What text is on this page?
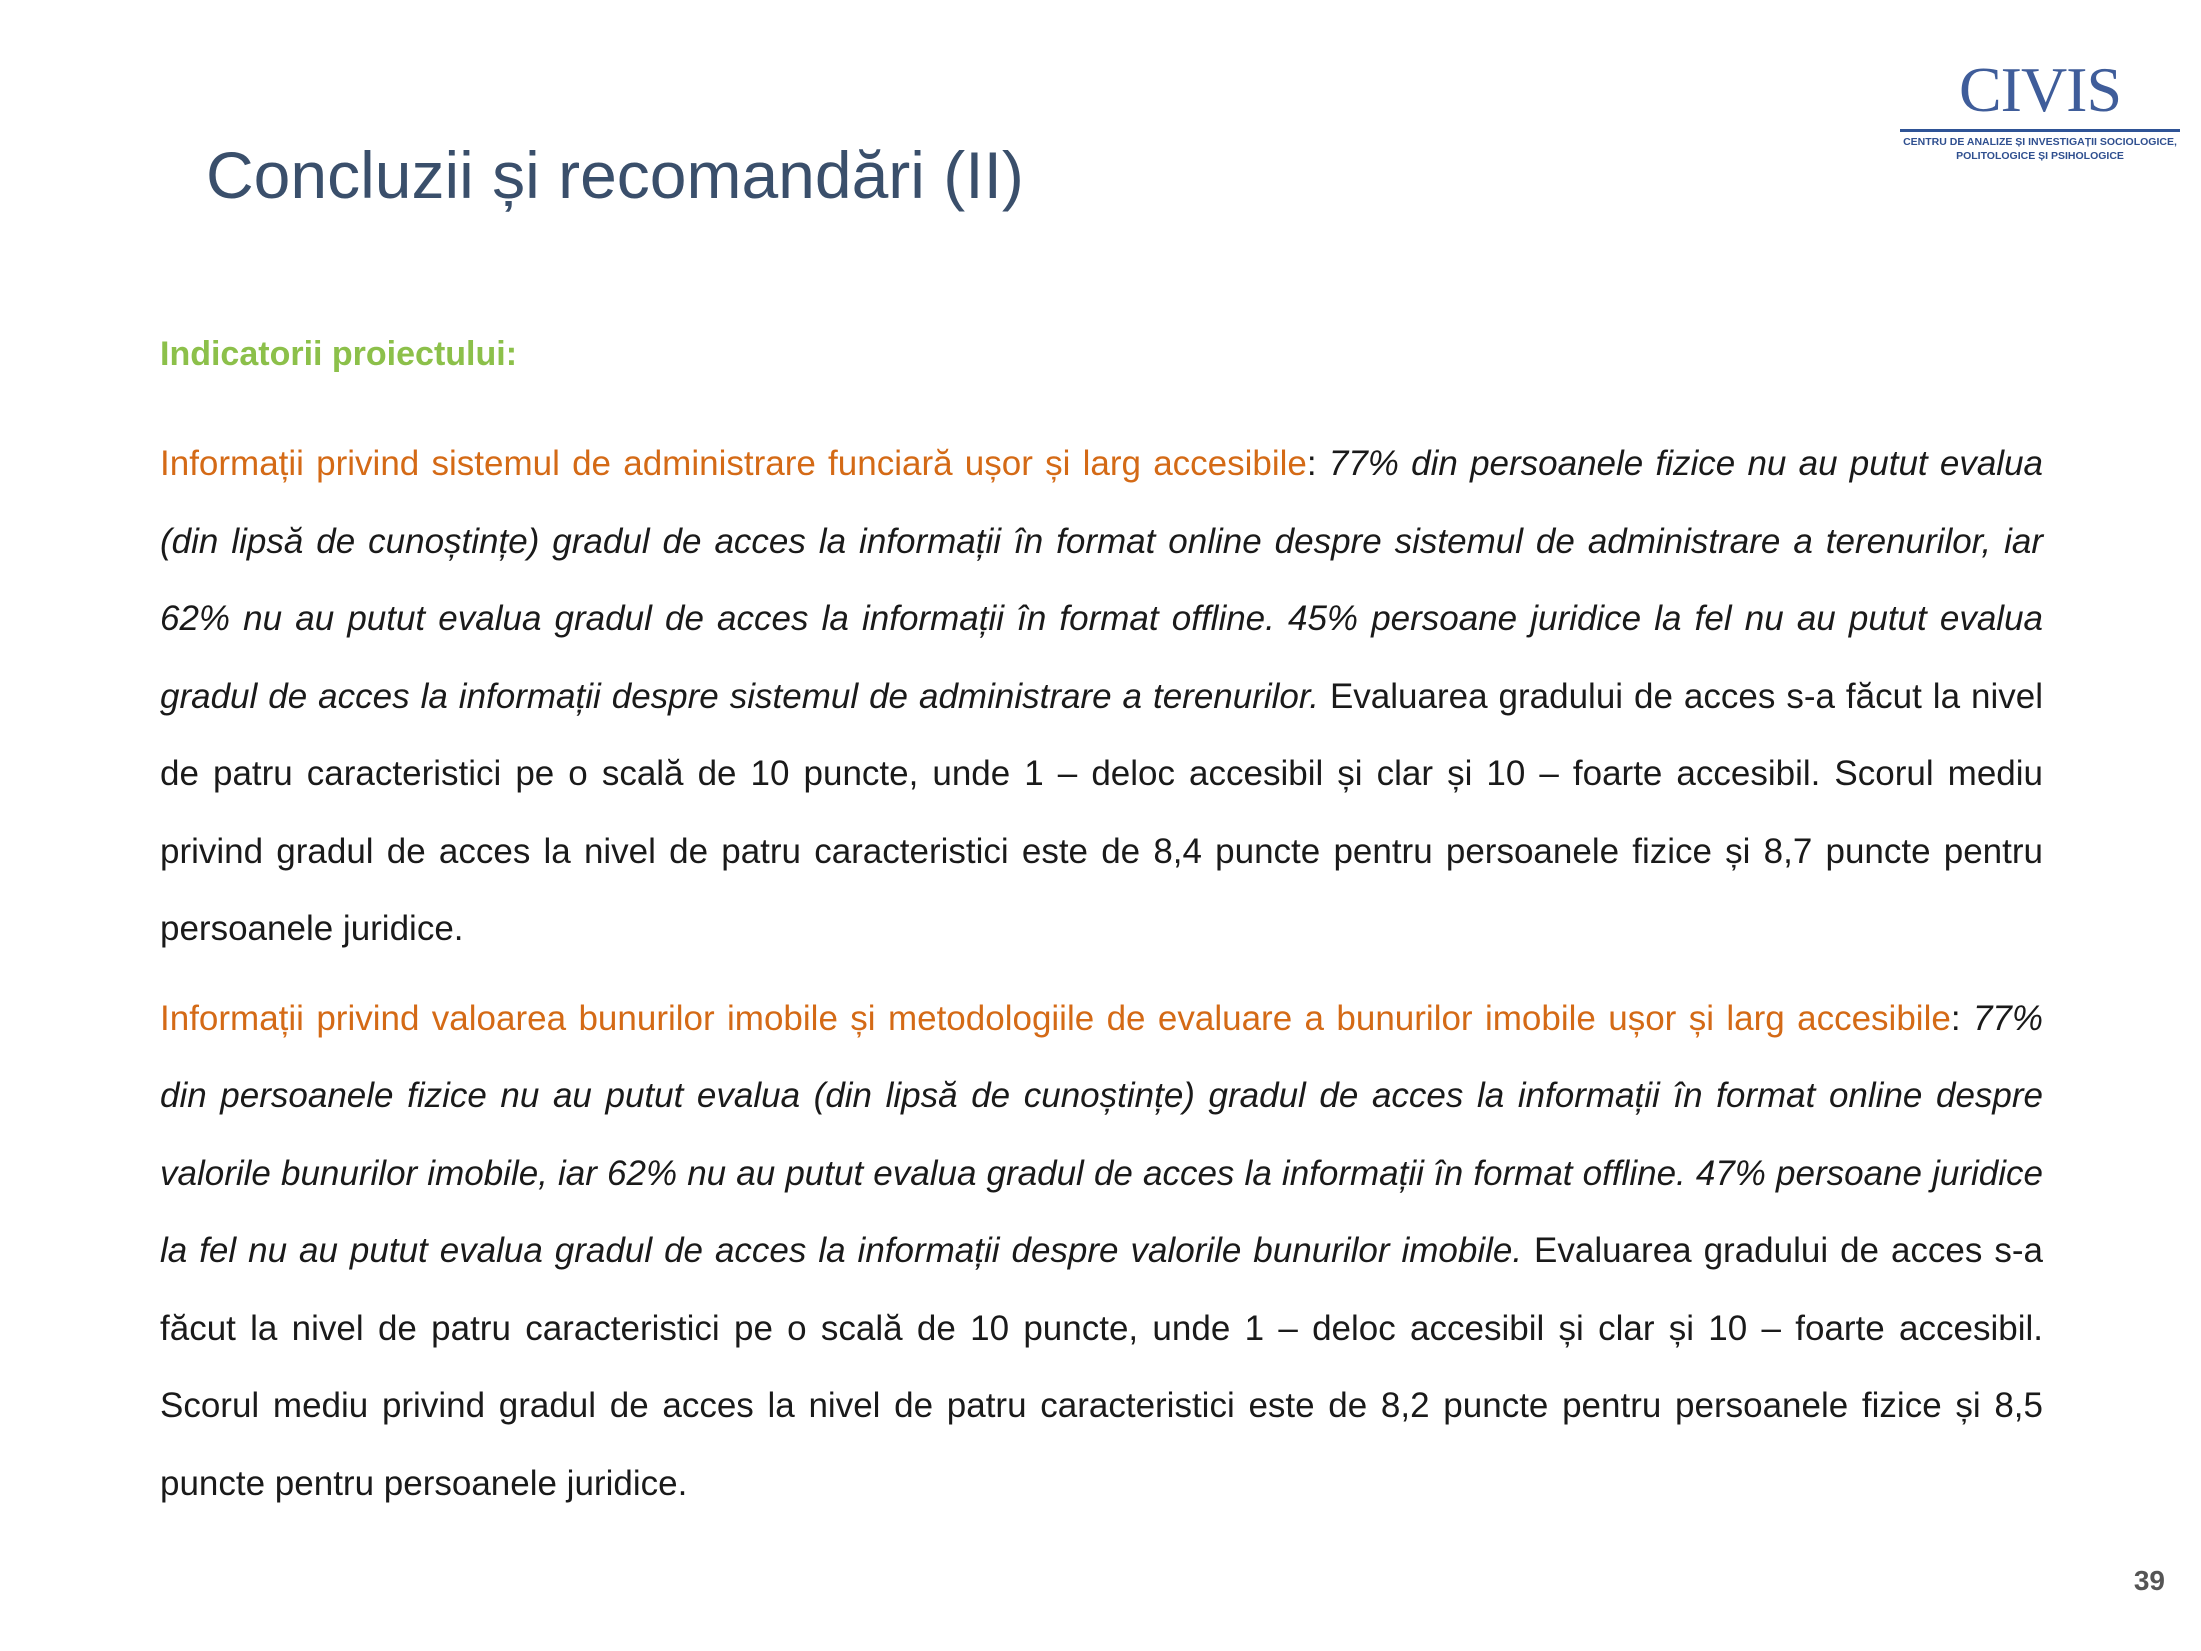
CIVIS
CENTRU DE ANALIZE ȘI INVESTIGAȚII SOCIOLOGICE,
POLITOLOGICE ȘI PSIHOLOGICE
Concluzii și recomandări (II)

Indicatorii proiectului:

Informații privind sistemul de administrare funciară ușor și larg accesibile: 77% din persoanele fizice nu au putut evalua (din lipsă de cunoștințe) gradul de acces la informații în format online despre sistemul de administrare a terenurilor, iar 62% nu au putut evalua gradul de acces la informații în format offline. 45% persoane juridice la fel nu au putut evalua gradul de acces la informații despre sistemul de administrare a terenurilor. Evaluarea gradului de acces s-a făcut la nivel de patru caracteristici pe o scală de 10 puncte, unde 1 – deloc accesibil și clar și 10 – foarte accesibil. Scorul mediu privind gradul de acces la nivel de patru caracteristici este de 8,4 puncte pentru persoanele fizice și 8,7 puncte pentru persoanele juridice.

Informații privind valoarea bunurilor imobile și metodologiile de evaluare a bunurilor imobile ușor și larg accesibile: 77% din persoanele fizice nu au putut evalua (din lipsă de cunoștințe) gradul de acces la informații în format online despre valorile bunurilor imobile, iar 62% nu au putut evalua gradul de acces la informații în format offline. 47% persoane juridice la fel nu au putut evalua gradul de acces la informații despre valorile bunurilor imobile. Evaluarea gradului de acces s-a făcut la nivel de patru caracteristici pe o scală de 10 puncte, unde 1 – deloc accesibil și clar și 10 – foarte accesibil. Scorul mediu privind gradul de acces la nivel de patru caracteristici este de 8,2 puncte pentru persoanele fizice și 8,5 puncte pentru persoanele juridice.

39
